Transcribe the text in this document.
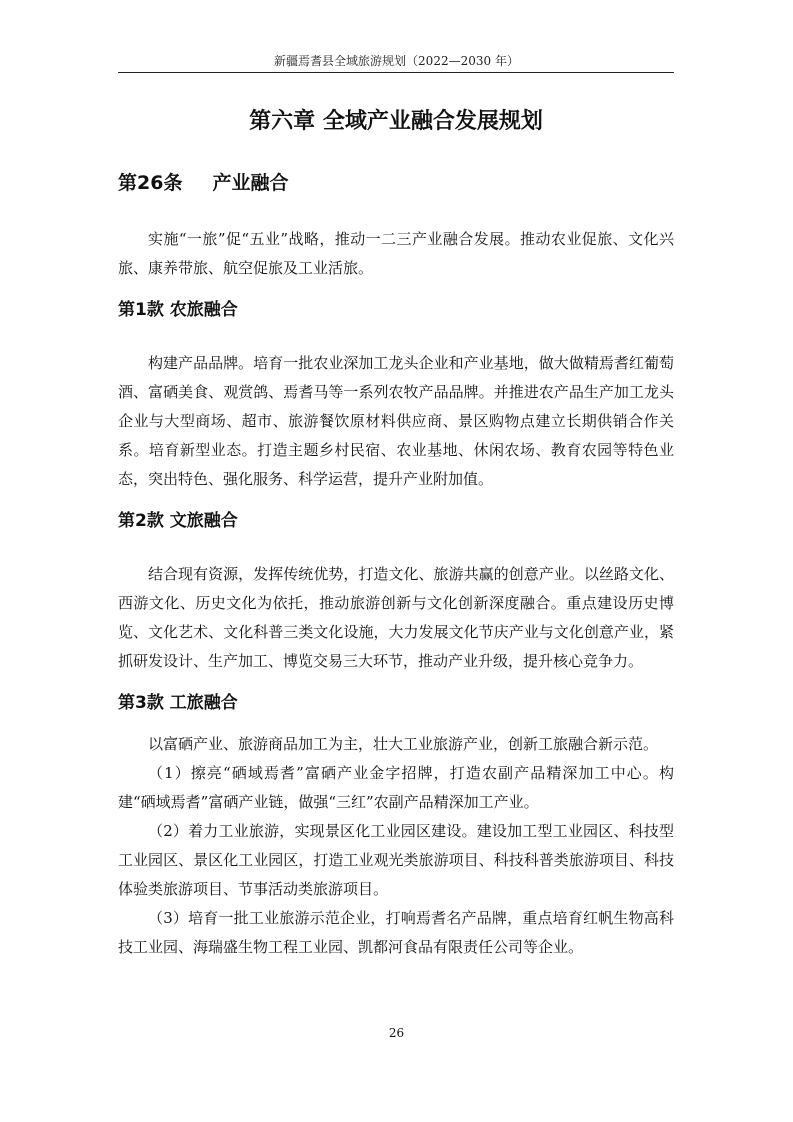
新疆焉耆县全域旅游规划（2022—2030 年）
第六章 全域产业融合发展规划
第26条 产业融合

实施“一旅”促“五业”战略，推动一二三产业融合发展。推动农业促旅、文化兴旅、康养带旅、航空促旅及工业活旅。

第1款 农旅融合

构建产品品牌。培育一批农业深加工龙头企业和产业基地，做大做精焉耆红葡萄酒、富硒美食、观赏鸽、焉耆马等一系列农牧产品品牌。并推进农产品生产加工龙头企业与大型商场、超市、旅游餐饮原材料供应商、景区购物点建立长期供销合作关系。培育新型业态。打造主题乡村民宿、农业基地、休闲农场、教育农园等特色业态，突出特色、强化服务、科学运营，提升产业附加值。

第2款 文旅融合

结合现有资源，发挥传统优势，打造文化、旅游共赢的创意产业。以丝路文化、西游文化、历史文化为依托，推动旅游创新与文化创新深度融合。重点建设历史博览、文化艺术、文化科普三类文化设施，大力发展文化节庆产业与文化创意产业，紧抓研发设计、生产加工、博览交易三大环节，推动产业升级，提升核心竞争力。

第3款 工旅融合

以富硒产业、旅游商品加工为主，壮大工业旅游产业，创新工旅融合新示范。

（1）擦亮“硒域焉耆”富硒产业金字招牌，打造农副产品精深加工中心。构建“硒域焉耆”富硒产业链，做强“三红”农副产品精深加工产业。

（2）着力工业旅游，实现景区化工业园区建设。建设加工型工业园区、科技型工业园区、景区化工业园区，打造工业观光类旅游项目、科技科普类旅游项目、科技体验类旅游项目、节事活动类旅游项目。

（3）培育一批工业旅游示范企业，打响焉耆名产品牌，重点培育红帆生物高科技工业园、海瑞盛生物工程工业园、凯都河食品有限责任公司等企业。

26
